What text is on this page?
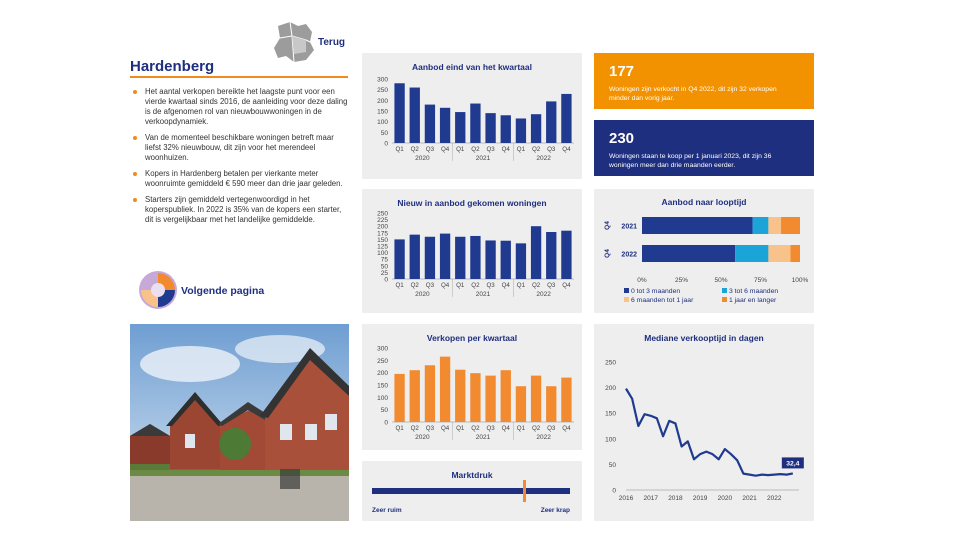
Terug
Hardenberg
Het aantal verkopen bereikte het laagste punt voor een vierde kwartaal sinds 2016, de aanleiding voor deze daling is de afgenomen rol van nieuwbouwwoningen in de verkoopdynamiek.
Van de momenteel beschikbare woningen betreft maar liefst 32% nieuwbouw, dit zijn voor het merendeel woonhuizen.
Kopers in Hardenberg betalen per vierkante meter woonruimte gemiddeld € 590 meer dan drie jaar geleden.
Starters zijn gemiddeld vertegenwoordigd in het koperspubliek. In 2022 is 35% van de kopers een starter, dit is vergelijkbaar met het landelijke gemiddelde.
Volgende pagina
Aanbod eind van het kwartaal
0
50
100
150
200
250
300
Q1 Q2 Q3 Q4 Q1 Q2 Q3 Q4 Q1 Q2 Q3 Q4
2020	2021	2022
177
Woningen zijn verkocht in Q4 2022, dit zijn 32 verkopen minder dan vorig jaar.
230
Woningen staan te koop per 1 januari 2023, dit zijn 36 woningen meer dan drie maanden eerder.
Nieuw in aanbod gekomen woningen
0
25
50
75
100
125
150
175
200
225
250
Q1 Q2 Q3 Q4 Q1 Q2 Q3 Q4 Q1 Q2 Q3 Q4
2020	2021	2022
Aanbod naar looptijd
2021
Q4
2022
Q4
0%	25%	50%	75%	100%
0 tot 3 maanden	3 tot 6 maanden
6 maanden tot 1 jaar	1 jaar en langer
Verkopen per kwartaal
0
50
100
150
200
250
300
Q1 Q2 Q3 Q4 Q1 Q2 Q3 Q4 Q1 Q2 Q3 Q4
2020	2021	2022
Mediane verkooptijd in dagen
0
50
100
150
200
250
2016 2017 2018 2019 2020 2021 2022
32,4
Marktdruk
Zeer ruim	Zeer krap
